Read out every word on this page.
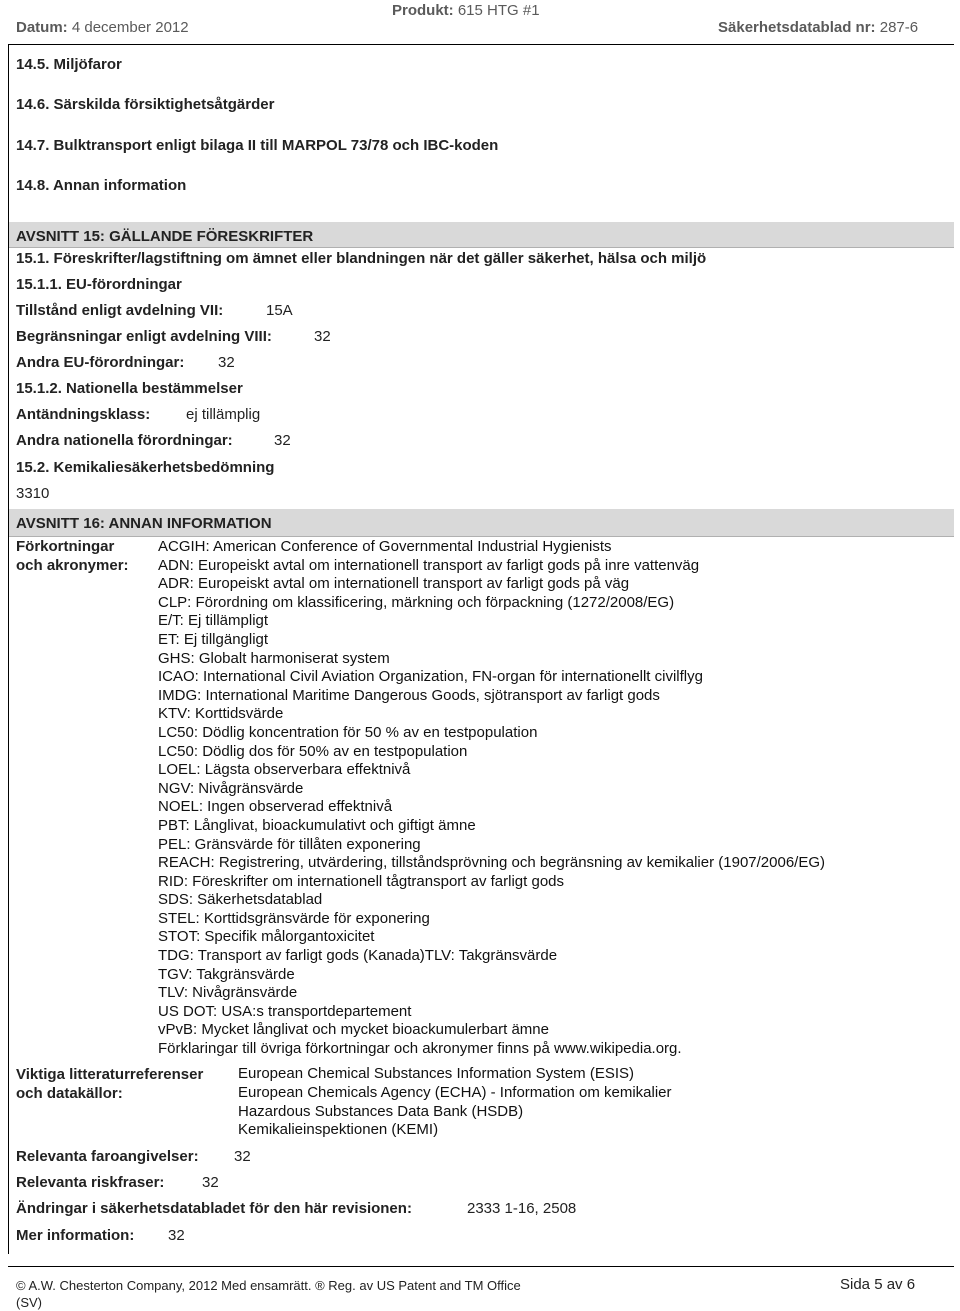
Datum: 4 december 2012
Produkt: 615 HTG #1
Säkerhetsdatablad nr: 287-6
14.5. Miljöfaror
14.6. Särskilda försiktighetsåtgärder
14.7. Bulktransport enligt bilaga II till MARPOL 73/78 och IBC-koden
14.8. Annan information
AVSNITT 15: GÄLLANDE FÖRESKRIFTER
15.1. Föreskrifter/lagstiftning om ämnet eller blandningen när det gäller säkerhet, hälsa och miljö
15.1.1. EU-förordningar
Tillstånd enligt avdelning VII:	15A
Begränsningar enligt avdelning VIII:	32
Andra EU-förordningar: 32
15.1.2. Nationella bestämmelser
Antändningsklass: ej tillämplig
Andra nationella förordningar:	32
15.2. Kemikaliesäkerhetsbedömning
3310
AVSNITT 16: ANNAN INFORMATION
Förkortningar
och akronymer:
ACGIH: American Conference of Governmental Industrial Hygienists
ADN: Europeiskt avtal om internationell transport av farligt gods på inre vattenväg
ADR: Europeiskt avtal om internationell transport av farligt gods på väg
CLP: Förordning om klassificering, märkning och förpackning (1272/2008/EG)
E/T: Ej tillämpligt
ET: Ej tillgängligt
GHS: Globalt harmoniserat system
ICAO: International Civil Aviation Organization, FN-organ för internationellt civilflyg
IMDG: International Maritime Dangerous Goods, sjötransport av farligt gods
KTV: Korttidsvärde
LC50: Dödlig koncentration för 50 % av en testpopulation
LC50: Dödlig dos för 50% av en testpopulation
LOEL: Lägsta observerbara effektnivå
NGV: Nivågränsvärde
NOEL: Ingen observerad effektnivå
PBT: Långlivat, bioackumulativt och giftigt ämne
PEL: Gränsvärde för tillåten exponering
REACH: Registrering, utvärdering, tillståndsprövning och begränsning av kemikalier (1907/2006/EG)
RID: Föreskrifter om internationell tågtransport av farligt gods
SDS: Säkerhetsdatablad
STEL: Korttidsgränsvärde för exponering
STOT: Specifik målorgantoxicitet
TDG: Transport av farligt gods (Kanada)TLV: Takgränsvärde
TGV: Takgränsvärde
TLV: Nivågränsvärde
US DOT: USA:s transportdepartement
vPvB: Mycket långlivat och mycket bioackumulerbart ämne
Förklaringar till övriga förkortningar och akronymer finns på www.wikipedia.org.
Viktiga litteraturreferenser
och datakällor:
European Chemical Substances Information System (ESIS)
European Chemicals Agency (ECHA) - Information om kemikalier
Hazardous Substances Data Bank (HSDB)
Kemikalieinspektionen (KEMI)
Relevanta faroangivelser: 32
Relevanta riskfraser:	32
Ändringar i säkerhetsdatabladet för den här revisionen:	2333 1-16, 2508
Mer information: 32
© A.W. Chesterton Company, 2012 Med ensamrätt. ® Reg. av US Patent and TM Office
(SV)
Sida 5 av 6
